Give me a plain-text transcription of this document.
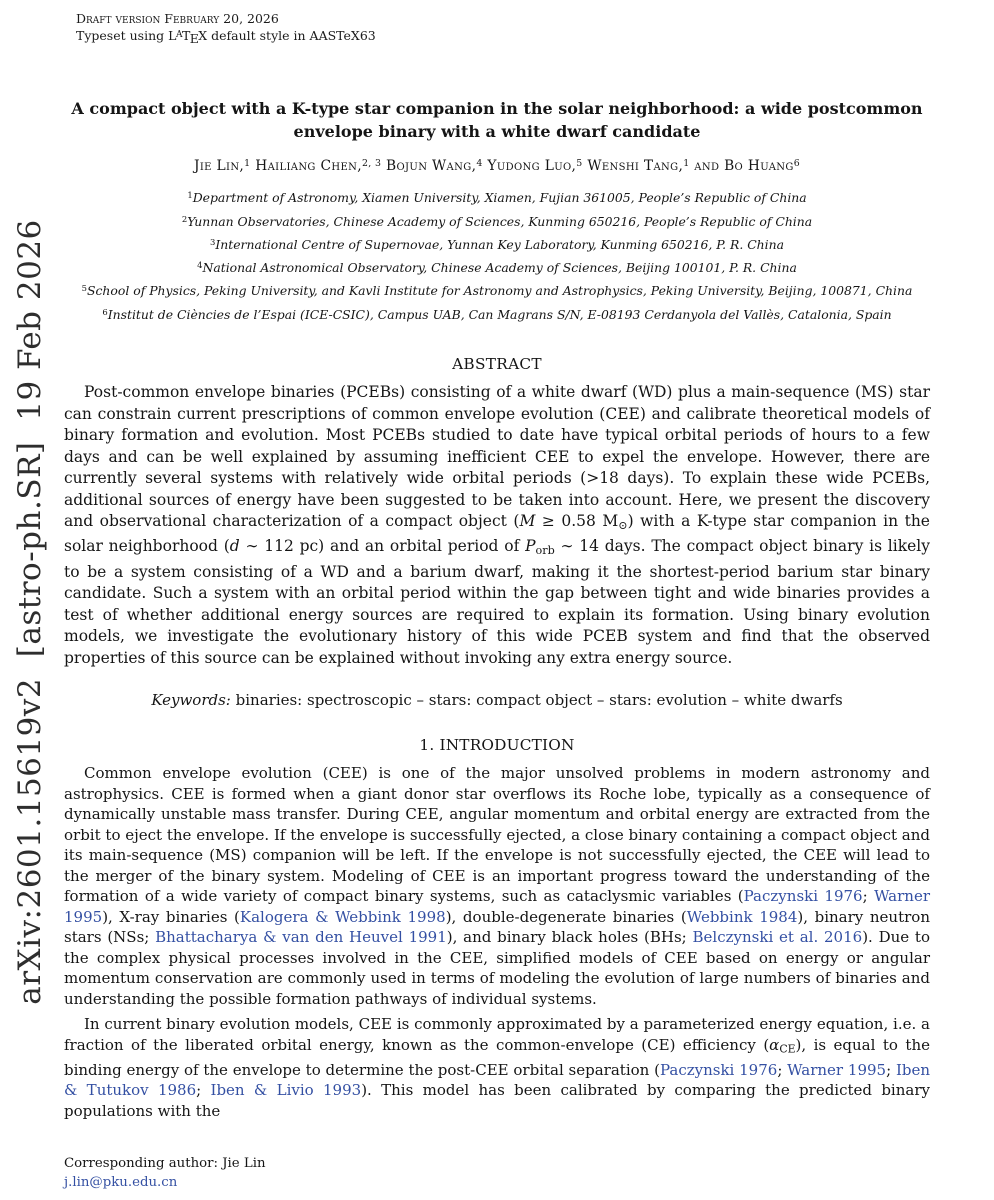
arXiv:2601.15619v2  [astro-ph.SR]  19 Feb 2026
Draft version February 20, 2026
Typeset using $L^ATEX$ default style in AASTeX63
A compact object with a K-type star companion in the solar neighborhood: a wide postcommon envelope binary with a white dwarf candidate
Jie Lin,$^1$ Hailiang Chen,$^{2, 3}$ Bojun Wang,$^4$ Yudong Luo,$^5$ Wenshi Tang,$^1$ and Bo Huang$^6$
$^1$Department of Astronomy, Xiamen University, Xiamen, Fujian 361005, People’s Republic of China
$^2$Yunnan Observatories, Chinese Academy of Sciences, Kunming 650216, People’s Republic of China
$^3$International Centre of Supernovae, Yunnan Key Laboratory, Kunming 650216, P. R. China
$^4$National Astronomical Observatory, Chinese Academy of Sciences, Beijing 100101, P. R. China
$^5$School of Physics, Peking University, and Kavli Institute for Astronomy and Astrophysics, Peking University, Beijing, 100871, China
$^6$Institut de Ciències de l’Espai (ICE-CSIC), Campus UAB, Can Magrans S/N, E-08193 Cerdanyola del Vallès, Catalonia, Spain
ABSTRACT

Post-common envelope binaries (PCEBs) consisting of a white dwarf (WD) plus a main-sequence (MS) star can constrain current prescriptions of common envelope evolution (CEE) and calibrate theoretical models of binary formation and evolution. Most PCEBs studied to date have typical orbital periods of hours to a few days and can be well explained by assuming inefficient CEE to expel the envelope. However, there are currently several systems with relatively wide orbital periods (>18 days). To explain these wide PCEBs, additional sources of energy have been suggested to be taken into account. Here, we present the discovery and observational characterization of a compact object (M ≥ 0.58 $M_⊙$) with a K-type star companion in the solar neighborhood (d ∼ 112 pc) and an orbital period of $P_{orb}$ ∼ 14 days. The compact object binary is likely to be a system consisting of a WD and a barium dwarf, making it the shortest-period barium star binary candidate. Such a system with an orbital period within the gap between tight and wide binaries provides a test of whether additional energy sources are required to explain its formation. Using binary evolution models, we investigate the evolutionary history of this wide PCEB system and find that the observed properties of this source can be explained without invoking any extra energy source.

Keywords: binaries: spectroscopic – stars: compact object – stars: evolution – white dwarfs
1. INTRODUCTION

Common envelope evolution (CEE) is one of the major unsolved problems in modern astronomy and astrophysics. CEE is formed when a giant donor star overflows its Roche lobe, typically as a consequence of dynamically unstable mass transfer. During CEE, angular momentum and orbital energy are extracted from the orbit to eject the envelope. If the envelope is successfully ejected, a close binary containing a compact object and its main-sequence (MS) companion will be left. If the envelope is not successfully ejected, the CEE will lead to the merger of the binary system. Modeling of CEE is an important progress toward the understanding of the formation of a wide variety of compact binary systems, such as cataclysmic variables (Paczynski 1976; Warner 1995), X-ray binaries (Kalogera & Webbink 1998), double-degenerate binaries (Webbink 1984), binary neutron stars (NSs; Bhattacharya & van den Heuvel 1991), and binary black holes (BHs; Belczynski et al. 2016). Due to the complex physical processes involved in the CEE, simplified models of CEE based on energy or angular momentum conservation are commonly used in terms of modeling the evolution of large numbers of binaries and understanding the possible formation pathways of individual systems.

In current binary evolution models, CEE is commonly approximated by a parameterized energy equation, i.e. a fraction of the liberated orbital energy, known as the common-envelope (CE) efficiency $(\alpha_{CE})$, is equal to the binding energy of the envelope to determine the post-CEE orbital separation (Paczynski 1976; Warner 1995; Iben & Tutukov 1986; Iben & Livio 1993). This model has been calibrated by comparing the predicted binary populations with the

Corresponding author: Jie Lin
j.lin@pku.edu.cn
